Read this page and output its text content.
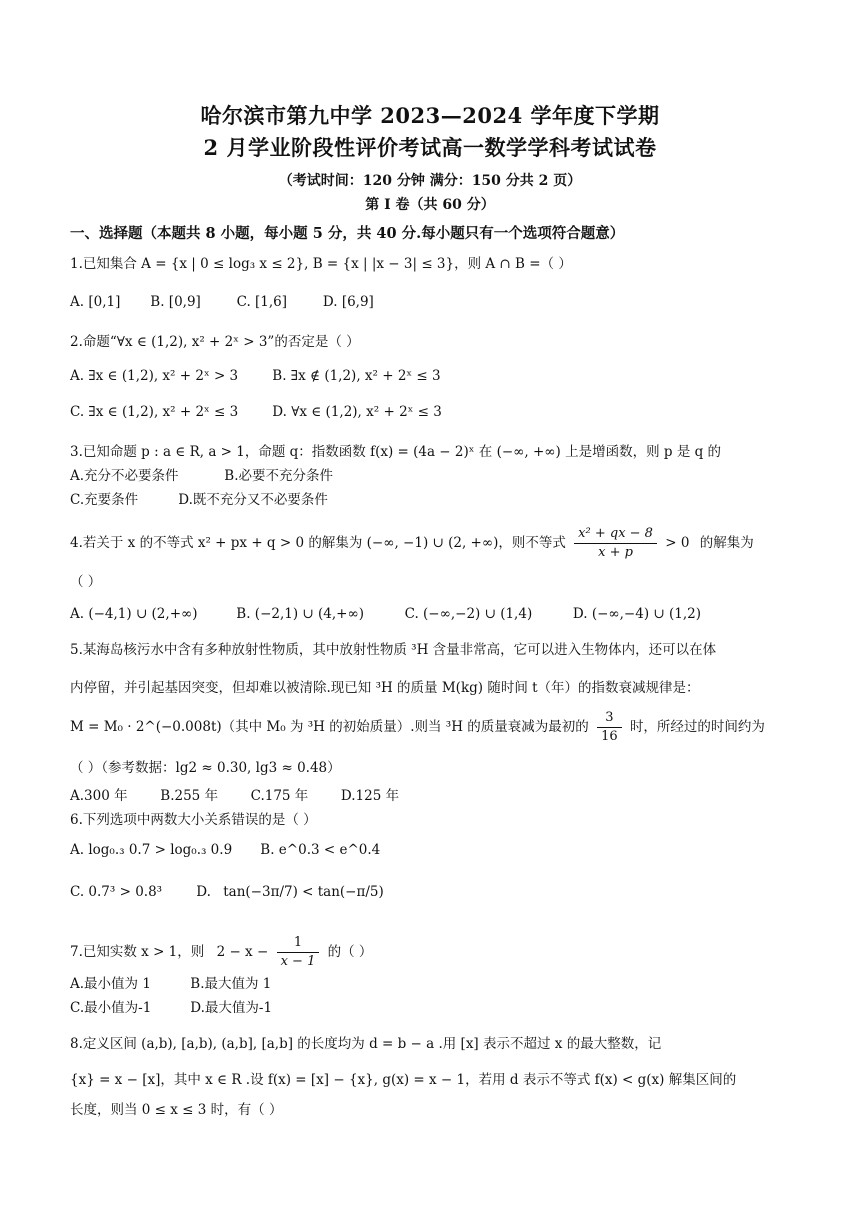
哈尔滨市第九中学 2023—2024 学年度下学期
2 月学业阶段性评价考试高一数学学科考试试卷
（考试时间：120 分钟 满分：150 分共 2 页）
第 I 卷（共 60 分）
一、选择题（本题共 8 小题，每小题 5 分，共 40 分.每小题只有一个选项符合题意）
1.已知集合 A = {x | 0 ≤ log₃ x ≤ 2}, B = {x | |x − 3| ≤ 3}，则 A ∩ B =（ ）
A. [0,1] B. [0,9]	C. [1,6]	D. [6,9]
2.命题“∀x ∈ (1,2), x² + 2ˣ > 3”的否定是（ ）
A. ∃x ∈ (1,2), x² + 2ˣ > 3	B. ∃x ∉ (1,2), x² + 2ˣ ≤ 3
C. ∃x ∈ (1,2), x² + 2ˣ ≤ 3	D. ∀x ∈ (1,2), x² + 2ˣ ≤ 3
3.已知命题 p : a ∈ R, a > 1，命题 q：指数函数 f(x) = (4a − 2)ˣ 在 (−∞, +∞) 上是增函数，则 p 是 q 的
A.充分不必要条件	B.必要不充分条件
C.充要条件	D.既不充分又不必要条件
4.若关于 x 的不等式 x² + px + q > 0 的解集为 (−∞, −1) ∪ (2, +∞)，则不等式 $\frac{\text{x² + qx − 8}}{x + p} > 0$ 的解集为
（ ）
A. (−4,1) ∪ (2,+∞)	B. (−2,1) ∪ (4,+∞)	C. (−∞,−2) ∪ (1,4)	D. (−∞,−4) ∪ (1,2)
5.某海岛核污水中含有多种放射性物质，其中放射性物质 ³H 含量非常高，它可以进入生物体内，还可以在体
内停留，并引起基因突变，但却难以被清除.现已知 ³H 的质量 M(kg) 随时间 t（年）的指数衰减规律是：
M = M₀ · 2^(−0.008t)（其中 M₀ 为 ³H 的初始质量）.则当 ³H 的质量衰减为最初的 $\frac{3}{16}$ 时，所经过的时间约为
（ ）（参考数据：lg2 ≈ 0.30, lg3 ≈ 0.48）
A.300 年 B.255 年 C.175 年 D.125 年
6.下列选项中两数大小关系错误的是（ ）
A. log₀.₃ 0.7 > log₀.₃ 0.9 B. e^0.3 < e^0.4
C. 0.7³ > 0.8³	D. tan(−3π/7) < tan(−π/5)
7.已知实数 x > 1，则 $2 - x - \frac{1}{x - 1}$ 的（ ）
A.最小值为 1	B.最大值为 1
C.最小值为-1	D.最大值为-1
8.定义区间 (a,b), [a,b), (a,b], [a,b] 的长度均为 d = b − a .用 [x] 表示不超过 x 的最大整数，记
{x} = x − [x]，其中 x ∈ R .设 f(x) = [x] − {x}, g(x) = x − 1，若用 d 表示不等式 f(x) < g(x) 解集区间的
长度，则当 0 ≤ x ≤ 3 时，有（ ）
